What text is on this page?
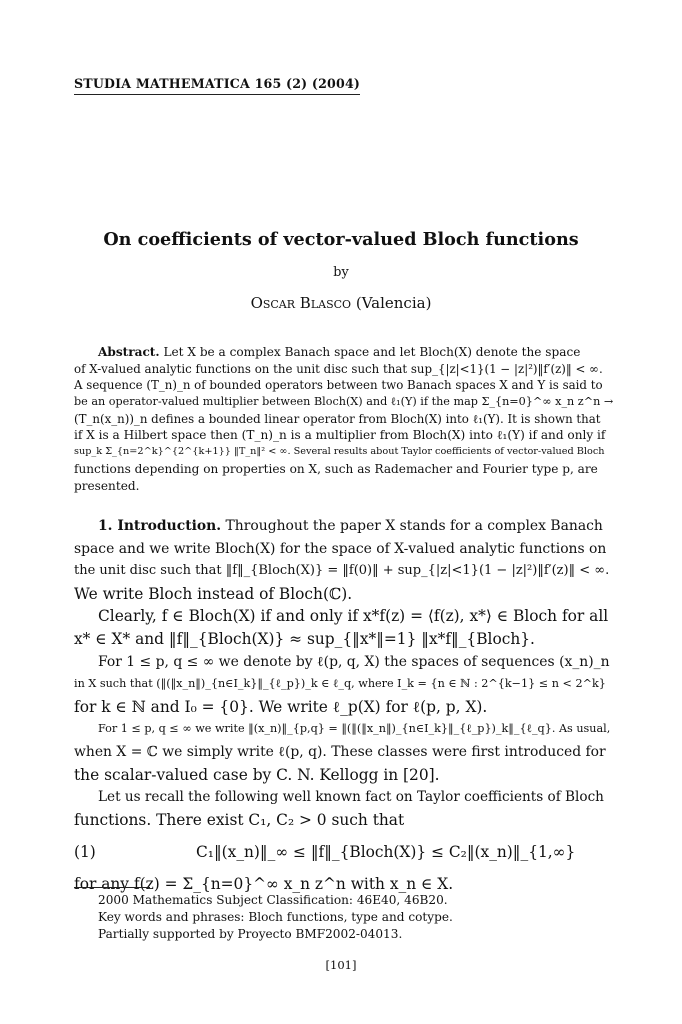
STUDIA MATHEMATICA 165 (2) (2004)
On coefficients of vector-valued Bloch functions
by
Oscar Blasco (Valencia)
Abstract. Let X be a complex Banach space and let Bloch(X) denote the space
of X-valued analytic functions on the unit disc such that sup_{|z|<1}(1 − |z|²)‖f′(z)‖ < ∞.
A sequence (T_n)_n of bounded operators between two Banach spaces X and Y is said to
be an operator-valued multiplier between Bloch(X) and ℓ₁(Y) if the map Σ_{n=0}^∞ x_n z^n →
(T_n(x_n))_n defines a bounded linear operator from Bloch(X) into ℓ₁(Y). It is shown that
if X is a Hilbert space then (T_n)_n is a multiplier from Bloch(X) into ℓ₁(Y) if and only if
sup_k Σ_{n=2^k}^{2^{k+1}} ‖T_n‖² < ∞. Several results about Taylor coefficients of vector-valued Bloch
functions depending on properties on X, such as Rademacher and Fourier type p, are
presented.
1. Introduction. Throughout the paper X stands for a complex Banach
space and we write Bloch(X) for the space of X-valued analytic functions on
the unit disc such that ‖f‖_{Bloch(X)} = ‖f(0)‖ + sup_{|z|<1}(1 − |z|²)‖f′(z)‖ < ∞.
We write Bloch instead of Bloch(ℂ).
Clearly, f ∈ Bloch(X) if and only if x*f(z) = ⟨f(z), x*⟩ ∈ Bloch for all
x* ∈ X* and ‖f‖_{Bloch(X)} ≈ sup_{‖x*‖=1} ‖x*f‖_{Bloch}.
For 1 ≤ p, q ≤ ∞ we denote by ℓ(p, q, X) the spaces of sequences (x_n)_n
in X such that (‖(‖x_n‖)_{n∈I_k}‖_{ℓ_p})_k ∈ ℓ_q, where I_k = {n ∈ ℕ : 2^{k−1} ≤ n < 2^k}
for k ∈ ℕ and I₀ = {0}. We write ℓ_p(X) for ℓ(p, p, X).
For 1 ≤ p, q ≤ ∞ we write ‖(x_n)‖_{p,q} = ‖(‖(‖x_n‖)_{n∈I_k}‖_{ℓ_p})_k‖_{ℓ_q}. As usual,
when X = ℂ we simply write ℓ(p, q). These classes were first introduced for
the scalar-valued case by C. N. Kellogg in [20].
Let us recall the following well known fact on Taylor coefficients of Bloch
functions. There exist C₁, C₂ > 0 such that
(1)	C₁‖(x_n)‖_∞ ≤ ‖f‖_{Bloch(X)} ≤ C₂‖(x_n)‖_{1,∞}
for any f(z) = Σ_{n=0}^∞ x_n z^n with x_n ∈ X.
2000 Mathematics Subject Classification: 46E40, 46B20.
Key words and phrases: Bloch functions, type and cotype.
Partially supported by Proyecto BMF2002-04013.
[101]
